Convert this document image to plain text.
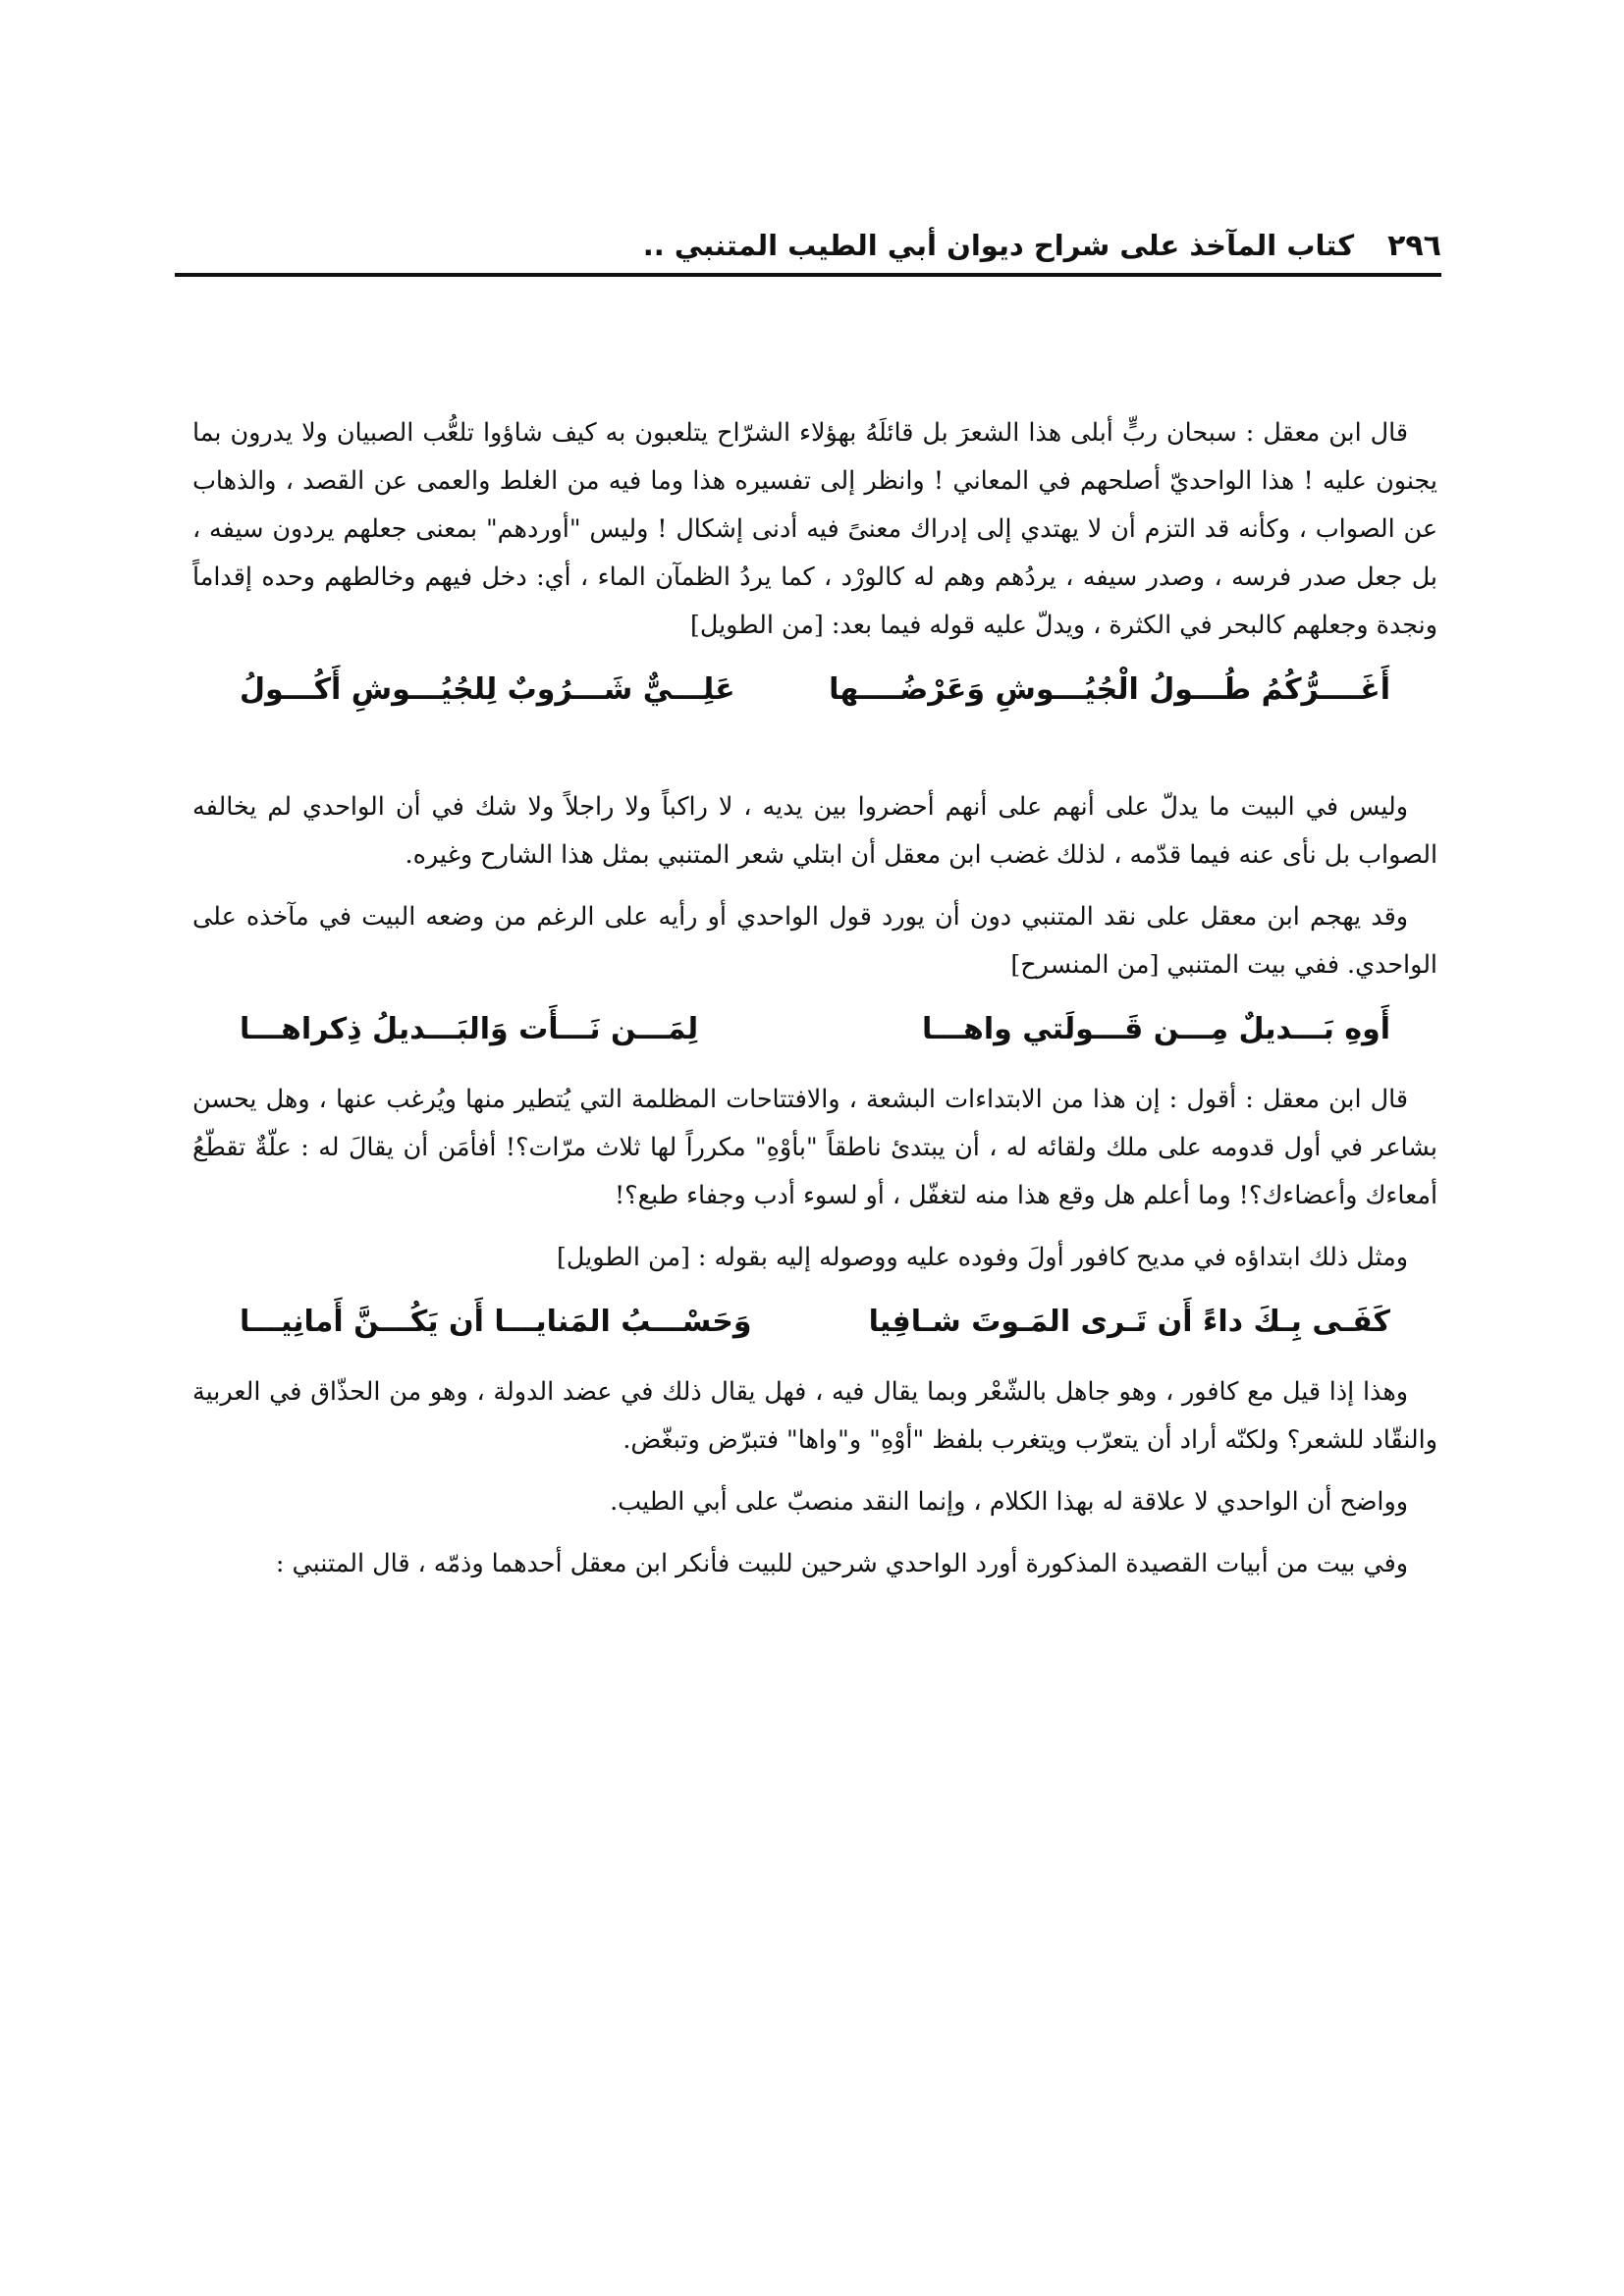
٢٩٦
كتاب المآخذ على شراح ديوان أبي الطيب المتنبي ..

قال ابن معقل : سبحان ربٍّ أبلى هذا الشعرَ بل قائلَهُ بهؤلاء الشرّاح يتلعبون به كيف شاؤوا تلعُّب الصبيان ولا يدرون بما يجنون عليه ! هذا الواحديّ أصلحهم في المعاني ! وانظر إلى تفسيره هذا وما فيه من الغلط والعمى عن القصد ، والذهاب عن الصواب ، وكأنه قد التزم أن لا يهتدي إلى إدراك معنىً فيه أدنى إشكال ! وليس "أوردهم" بمعنى جعلهم يردون سيفه ، بل جعل صدر فرسه ، وصدر سيفه ، يردُهم وهم له كالورْد ، كما يردُ الظمآن الماء ، أي: دخل فيهم وخالطهم وحده إقداماً ونجدة وجعلهم كالبحر في الكثرة ، ويدلّ عليه قوله فيما بعد: [من الطويل]

أَغَــــرُّكُمُ طُـــولُ الْجُيُـــوشِ وَعَرْضُــــها
عَلِـــيٌّ شَـــرُوبٌ لِلجُيُـــوشِ أَكُـــولُ

وليس في البيت ما يدلّ على أنهم على أنهم أحضروا بين يديه ، لا راكباً ولا راجلاً ولا شك في أن الواحدي لم يخالفه الصواب بل نأى عنه فيما قدّمه ، لذلك غضب ابن معقل أن ابتلي شعر المتنبي بمثل هذا الشارح وغيره.

وقد يهجم ابن معقل على نقد المتنبي دون أن يورد قول الواحدي أو رأيه على الرغم من وضعه البيت في مآخذه على الواحدي. ففي بيت المتنبي [من المنسرح]

أَوهِ بَـــديلٌ مِـــن قَـــولَتي واهـــا
لِمَـــن نَـــأَت وَالبَـــديلُ ذِكراهـــا

قال ابن معقل : أقول : إن هذا من الابتداءات البشعة ، والافتتاحات المظلمة التي يُتطير منها ويُرغب عنها ، وهل يحسن بشاعر في أول قدومه على ملك ولقائه له ، أن يبتدئ ناطقاً "بأوْهِ" مكرراً لها ثلاث مرّات؟! أفأمَن أن يقالَ له : علّةٌ تقطّعُ أمعاءك وأعضاءك؟! وما أعلم هل وقع هذا منه لتغفّل ، أو لسوء أدب وجفاء طبع؟!

ومثل ذلك ابتداؤه في مديح كافور أولَ وفوده عليه ووصوله إليه بقوله : [من الطويل]

كَفَـى بِـكَ داءً أَن تَـرى المَـوتَ شـافِيا
وَحَسْـــبُ المَنايـــا أَن يَكُـــنَّ أَمانِيـــا

وهذا إذا قيل مع كافور ، وهو جاهل بالشّعْر وبما يقال فيه ، فهل يقال ذلك في عضد الدولة ، وهو من الحذّاق في العربية والنقّاد للشعر؟ ولكنّه أراد أن يتعرّب ويتغرب بلفظ "أوْهِ" و"واها" فتبرّض وتبغّض.

وواضح أن الواحدي لا علاقة له بهذا الكلام ، وإنما النقد منصبّ على أبي الطيب.

وفي بيت من أبيات القصيدة المذكورة أورد الواحدي شرحين للبيت فأنكر ابن معقل أحدهما وذمّه ، قال المتنبي :
